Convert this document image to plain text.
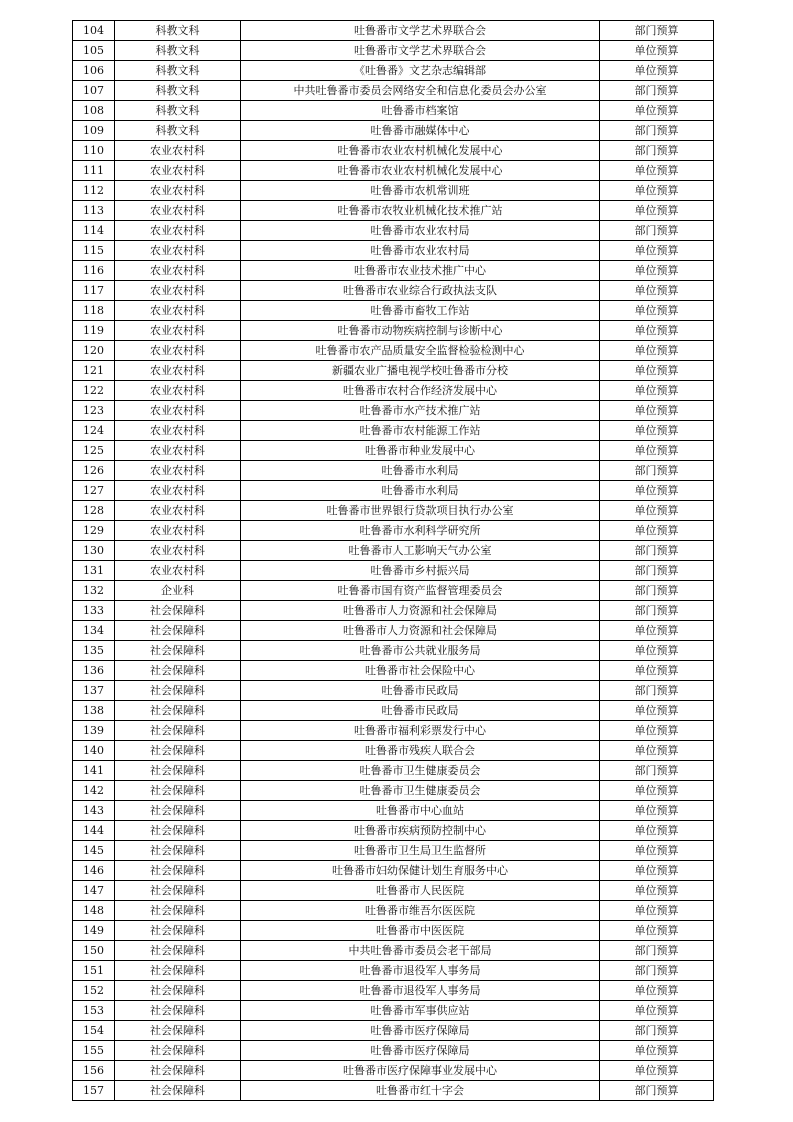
104	科教文科	吐鲁番市文学艺术界联合会	部门预算
105	科教文科	吐鲁番市文学艺术界联合会	单位预算
106	科教文科	《吐鲁番》文艺杂志编辑部	单位预算
107	科教文科	中共吐鲁番市委员会网络安全和信息化委员会办公室	部门预算
108	科教文科	吐鲁番市档案馆	单位预算
109	科教文科	吐鲁番市融媒体中心	部门预算
110	农业农村科	吐鲁番市农业农村机械化发展中心	部门预算
111	农业农村科	吐鲁番市农业农村机械化发展中心	单位预算
112	农业农村科	吐鲁番市农机常训班	单位预算
113	农业农村科	吐鲁番市农牧业机械化技术推广站	单位预算
114	农业农村科	吐鲁番市农业农村局	部门预算
115	农业农村科	吐鲁番市农业农村局	单位预算
116	农业农村科	吐鲁番市农业技术推广中心	单位预算
117	农业农村科	吐鲁番市农业综合行政执法支队	单位预算
118	农业农村科	吐鲁番市畜牧工作站	单位预算
119	农业农村科	吐鲁番市动物疾病控制与诊断中心	单位预算
120	农业农村科	吐鲁番市农产品质量安全监督检验检测中心	单位预算
121	农业农村科	新疆农业广播电视学校吐鲁番市分校	单位预算
122	农业农村科	吐鲁番市农村合作经济发展中心	单位预算
123	农业农村科	吐鲁番市水产技术推广站	单位预算
124	农业农村科	吐鲁番市农村能源工作站	单位预算
125	农业农村科	吐鲁番市种业发展中心	单位预算
126	农业农村科	吐鲁番市水利局	部门预算
127	农业农村科	吐鲁番市水利局	单位预算
128	农业农村科	吐鲁番市世界银行贷款项目执行办公室	单位预算
129	农业农村科	吐鲁番市水利科学研究所	单位预算
130	农业农村科	吐鲁番市人工影响天气办公室	部门预算
131	农业农村科	吐鲁番市乡村振兴局	部门预算
132	企业科	吐鲁番市国有资产监督管理委员会	部门预算
133	社会保障科	吐鲁番市人力资源和社会保障局	部门预算
134	社会保障科	吐鲁番市人力资源和社会保障局	单位预算
135	社会保障科	吐鲁番市公共就业服务局	单位预算
136	社会保障科	吐鲁番市社会保险中心	单位预算
137	社会保障科	吐鲁番市民政局	部门预算
138	社会保障科	吐鲁番市民政局	单位预算
139	社会保障科	吐鲁番市福利彩票发行中心	单位预算
140	社会保障科	吐鲁番市残疾人联合会	单位预算
141	社会保障科	吐鲁番市卫生健康委员会	部门预算
142	社会保障科	吐鲁番市卫生健康委员会	单位预算
143	社会保障科	吐鲁番市中心血站	单位预算
144	社会保障科	吐鲁番市疾病预防控制中心	单位预算
145	社会保障科	吐鲁番市卫生局卫生监督所	单位预算
146	社会保障科	吐鲁番市妇幼保健计划生育服务中心	单位预算
147	社会保障科	吐鲁番市人民医院	单位预算
148	社会保障科	吐鲁番市维吾尔医医院	单位预算
149	社会保障科	吐鲁番市中医医院	单位预算
150	社会保障科	中共吐鲁番市委员会老干部局	部门预算
151	社会保障科	吐鲁番市退役军人事务局	部门预算
152	社会保障科	吐鲁番市退役军人事务局	单位预算
153	社会保障科	吐鲁番市军事供应站	单位预算
154	社会保障科	吐鲁番市医疗保障局	部门预算
155	社会保障科	吐鲁番市医疗保障局	单位预算
156	社会保障科	吐鲁番市医疗保障事业发展中心	单位预算
157	社会保障科	吐鲁番市红十字会	部门预算
